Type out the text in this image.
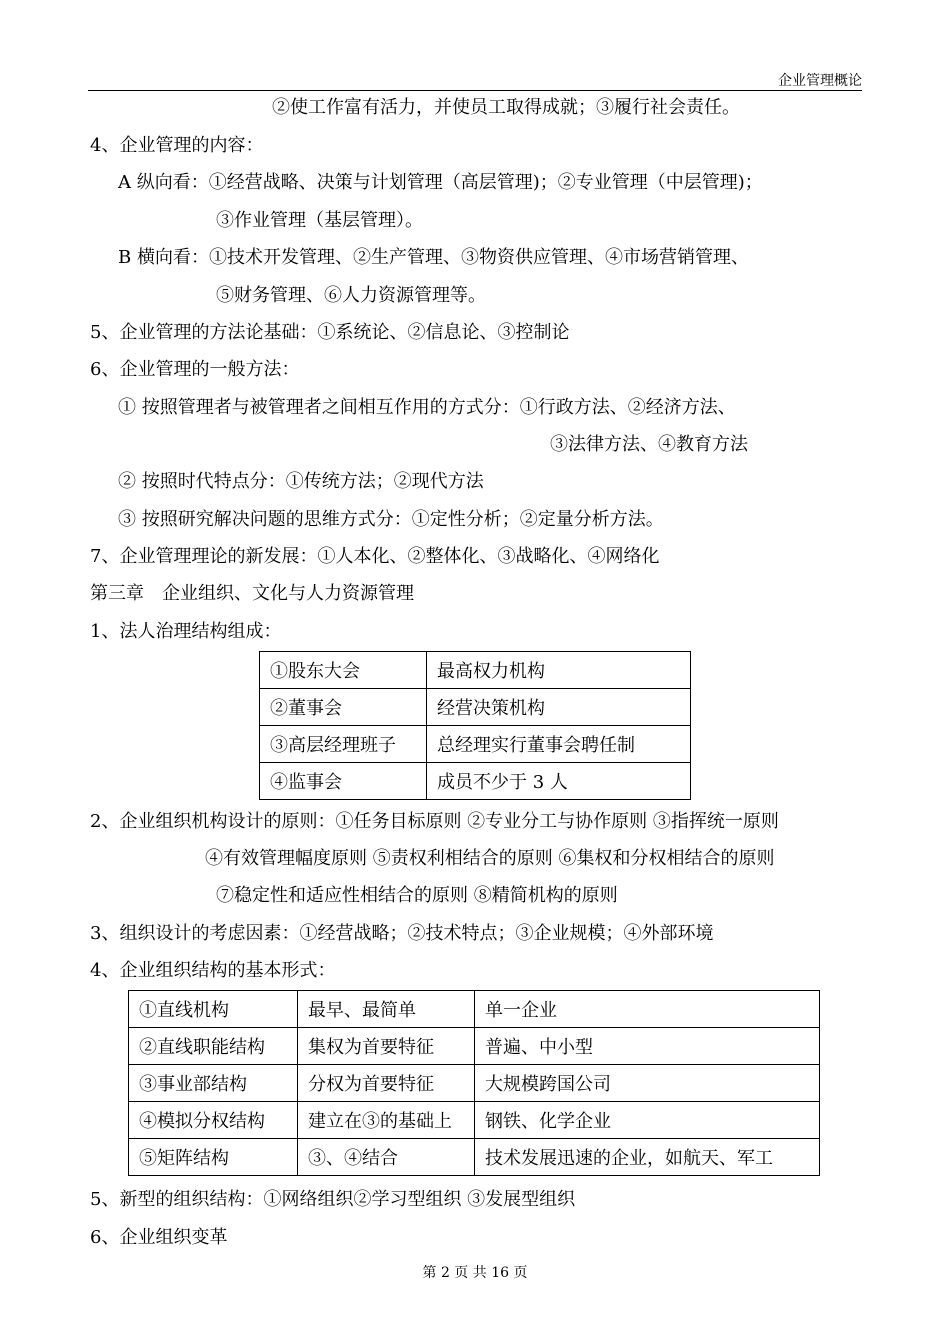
企业管理概论
②使工作富有活力，并使员工取得成就；③履行社会责任。
4、企业管理的内容：
A 纵向看：①经营战略、决策与计划管理（高层管理)；②专业管理（中层管理)；
③作业管理（基层管理）。
B 横向看：①技术开发管理、②生产管理、③物资供应管理、④市场营销管理、
⑤财务管理、⑥人力资源管理等。
5、企业管理的方法论基础：①系统论、②信息论、③控制论
6、企业管理的一般方法：
① 按照管理者与被管理者之间相互作用的方式分：①行政方法、②经济方法、
③法律方法、④教育方法
② 按照时代特点分：①传统方法；②现代方法
③ 按照研究解决问题的思维方式分：①定性分析；②定量分析方法。
7、企业管理理论的新发展：①人本化、②整体化、③战略化、④网络化
第三章　企业组织、文化与人力资源管理
1、法人治理结构组成：
①股东大会	最高权力机构
②董事会	经营决策机构
③高层经理班子	总经理实行董事会聘任制
④监事会	成员不少于 3 人
2、企业组织机构设计的原则：①任务目标原则 ②专业分工与协作原则 ③指挥统一原则
④有效管理幅度原则 ⑤责权利相结合的原则 ⑥集权和分权相结合的原则
⑦稳定性和适应性相结合的原则 ⑧精简机构的原则
3、组织设计的考虑因素：①经营战略；②技术特点；③企业规模；④外部环境
4、企业组织结构的基本形式：
①直线机构	最早、最简单	单一企业
②直线职能结构	集权为首要特征	普遍、中小型
③事业部结构	分权为首要特征	大规模跨国公司
④模拟分权结构	建立在③的基础上	钢铁、化学企业
⑤矩阵结构	③、④结合	技术发展迅速的企业，如航天、军工
5、新型的组织结构：①网络组织②学习型组织 ③发展型组织
6、企业组织变革
第 2 页 共 16 页
